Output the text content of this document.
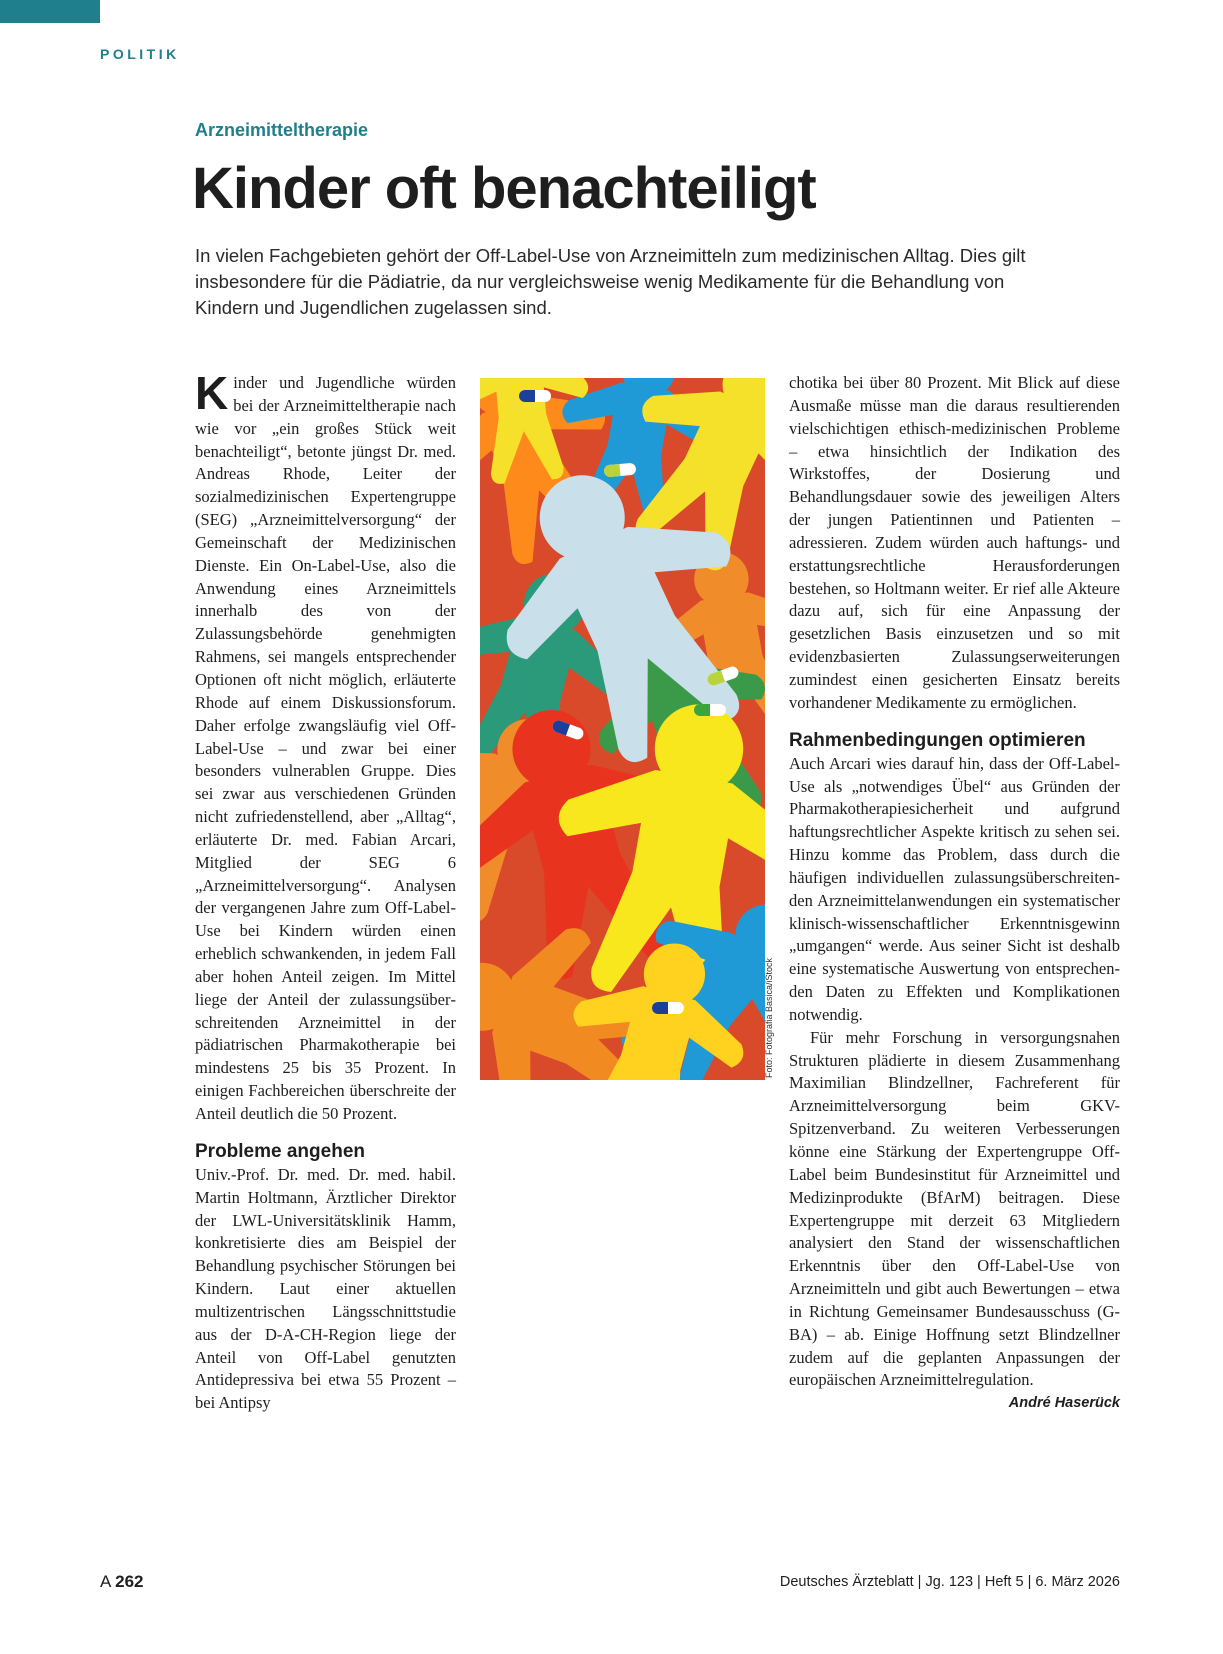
POLITIK
Arzneimitteltherapie
Kinder oft benachteiligt

In vielen Fachgebieten gehört der Off-Label-Use von Arzneimitteln zum medizinischen Alltag. Dies gilt insbesondere für die Pädiatrie, da nur vergleichsweise wenig Medikamente für die Behandlung von Kindern und Jugendlichen zugelassen sind.

Kinder und Jugendliche würden bei der Arzneimitteltherapie nach wie vor „ein großes Stück weit benachteiligt“, betonte jüngst Dr. med. Andreas Rhode, Leiter der sozialmedizinischen Expertengruppe (SEG) „Arzneimittelversorgung“ der Gemeinschaft der Medizinischen Dienste. Ein On-Label-Use, also die Anwendung eines Arzneimittels innerhalb des von der Zulassungsbehörde genehmigten Rahmens, sei mangels entsprechender Optionen oft nicht möglich, erläuterte Rhode auf einem Diskussionsforum. Daher erfolge zwangsläufig viel Off-Label-Use – und zwar bei einer besonders vulnerablen Gruppe. Dies sei zwar aus verschiedenen Gründen nicht zufriedenstellend, aber „Alltag“, erläuterte Dr. med. Fabian Arcari, Mitglied der SEG 6 „Arzneimittelversorgung“. Analysen der vergangenen Jahre zum Off-Label-Use bei Kindern würden einen erheblich schwankenden, in jedem Fall aber hohen Anteil zeigen. Im Mittel liege der Anteil der zulassungsüberschreitenden Arzneimittel in der pädiatrischen Pharmakotherapie bei mindestens 25 bis 35 Prozent. In einigen Fachbereichen überschreite der Anteil deutlich die 50 Prozent.

Probleme angehen

Univ.-Prof. Dr. med. Dr. med. habil. Martin Holtmann, Ärztlicher Direktor der LWL-Universitätsklinik Hamm, konkretisierte dies am Beispiel der Behandlung psychischer Störungen bei Kindern. Laut einer aktuellen multizentrischen Längsschnittstudie aus der D-A-CH-Region liege der Anteil von Off-Label genutzten Antidepressiva bei etwa 55 Prozent – bei Antipsy

Foto: Fotografia Basica/iStock

chotika bei über 80 Prozent. Mit Blick auf diese Ausmaße müsse man die daraus resultierenden vielschichtigen ethisch-medizinischen Probleme – etwa hinsichtlich der Indikation des Wirkstoffes, der Dosierung und Behandlungsdauer sowie des jeweiligen Alters der jungen Patientinnen und Patienten – adressieren. Zudem würden auch haftungs- und erstattungsrechtliche Herausforderungen bestehen, so Holtmann weiter. Er rief alle Akteure dazu auf, sich für eine Anpassung der gesetzlichen Basis einzusetzen und so mit evidenzbasierten Zulassungserweiterungen zumindest einen gesicherten Einsatz bereits vorhandener Medikamente zu ermöglichen.

Rahmenbedingungen optimieren

Auch Arcari wies darauf hin, dass der Off-Label-Use als „notwendiges Übel“ aus Gründen der Pharmakotherapiesicherheit und aufgrund haftungsrechtlicher Aspekte kritisch zu sehen sei. Hinzu komme das Problem, dass durch die häufigen individuellen zulassungsüberschreitenden Arzneimittelanwendungen ein systematischer klinisch-wissenschaftlicher Erkenntnisgewinn „umgangen“ werde. Aus seiner Sicht ist deshalb eine systematische Auswertung von entsprechenden Daten zu Effekten und Komplikationen notwendig.

Für mehr Forschung in versorgungsnahen Strukturen plädierte in diesem Zusammenhang Maximilian Blindzellner, Fachreferent für Arzneimittelversorgung beim GKV-Spitzenverband. Zu weiteren Verbesserungen könne eine Stärkung der Expertengruppe Off-Label beim Bundesinstitut für Arzneimittel und Medizinprodukte (BfArM) beitragen. Diese Expertengruppe mit derzeit 63 Mitgliedern analysiert den Stand der wissenschaftlichen Erkenntnis über den Off-Label-Use von Arzneimitteln und gibt auch Bewertungen – etwa in Richtung Gemeinsamer Bundesausschuss (G-BA) – ab. Einige Hoffnung setzt Blindzellner zudem auf die geplanten Anpassungen der europäischen Arzneimittelregulation.
André Haserück

A 262	Deutsches Ärzteblatt | Jg. 123 | Heft 5 | 6. März 2026
